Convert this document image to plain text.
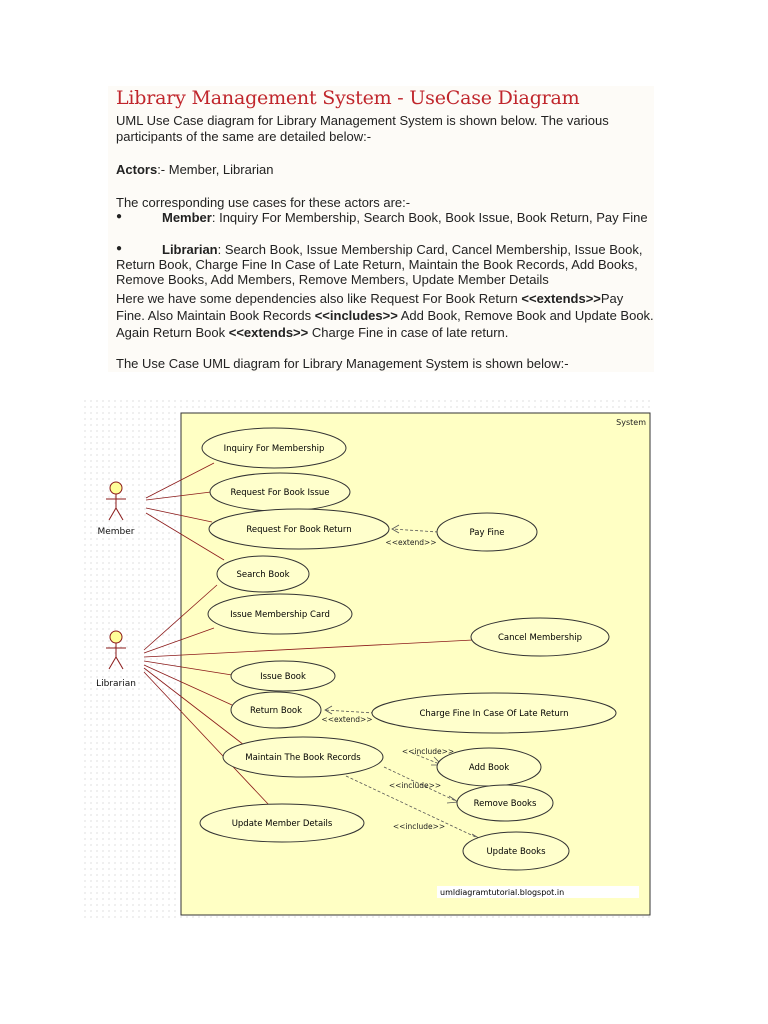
Library Management System - UseCase Diagram
UML Use Case diagram for Library Management System is shown below. The various
participants of the same are detailed below:-
Actors:- Member, Librarian
The corresponding use cases for these actors are:-
●	Member: Inquiry For Membership, Search Book, Book Issue, Book Return, Pay Fine
●	Librarian: Search Book, Issue Membership Card, Cancel Membership, Issue Book,
Return Book, Charge Fine In Case of Late Return, Maintain the Book Records, Add Books,
Remove Books, Add Members, Remove Members, Update Member Details
Here we have some dependencies also like Request For Book Return <<extends>>Pay
Fine. Also Maintain Book Records <<includes>> Add Book, Remove Book and Update Book.
Again Return Book <<extends>> Charge Fine in case of late return.
The Use Case UML diagram for Library Management System is shown below:-
System
Member
Librarian
Inquiry For Membership
Request For Book Issue
Request For Book Return	Pay Fine
Search Book
Issue Membership Card
Cancel Membership
Issue Book
Return Book	Charge Fine In Case Of Late Return
Maintain The Book Records
Add Book
Remove Books
Update Books
Update Member Details
<<extend>>
<<extend>>
<<include>>
<<include>>
<<include>>
umldiagramtutorial.blogspot.in
